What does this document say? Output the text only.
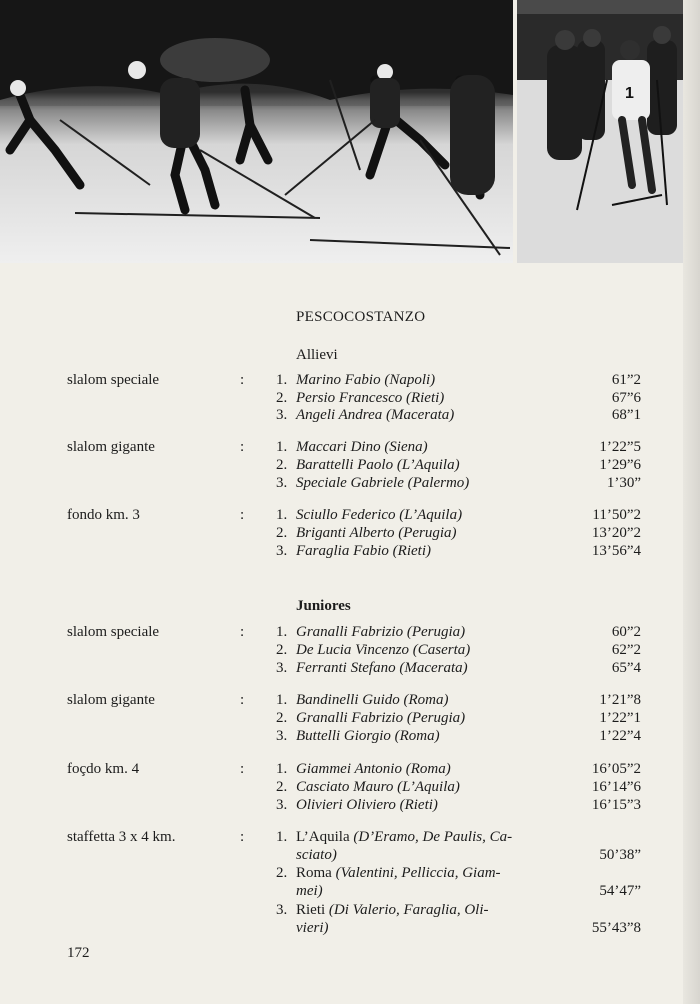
1
PESCOCOSTANZO
Allievi
slalom speciale	: 1. Marino Fabio (Napoli)	61”2
2. Persio Francesco (Rieti)	67”6
3. Angeli Andrea (Macerata)	68”1
slalom gigante	: 1. Maccari Dino (Siena)	1’22”5
2. Barattelli Paolo (L’Aquila)	1’29”6
3. Speciale Gabriele (Palermo)	1’30”
fondo km. 3	: 1. Sciullo Federico (L’Aquila)	11’50”2
2. Briganti Alberto (Perugia)	13’20”2
3. Faraglia Fabio (Rieti)	13’56”4
Juniores
slalom speciale	: 1. Granalli Fabrizio (Perugia)	60”2
2. De Lucia Vincenzo (Caserta)	62”2
3. Ferranti Stefano (Macerata)	65”4
slalom gigante	: 1. Bandinelli Guido (Roma)	1’21”8
2. Granalli Fabrizio (Perugia)	1’22”1
3. Buttelli Giorgio (Roma)	1’22”4
foçdo km. 4	: 1. Giammei Antonio (Roma)	16’05”2
2. Casciato Mauro (L’Aquila)	16’14”6
3. Olivieri Oliviero (Rieti)	16’15”3
staffetta 3 x 4 km.	: 1. L’Aquila (D’Eramo, De Paulis, Ca-
sciato)	50’38”
2. Roma (Valentini, Pelliccia, Giam-
mei)	54’47”
3. Rieti (Di Valerio, Faraglia, Oli-
vieri)	55’43”8
172
